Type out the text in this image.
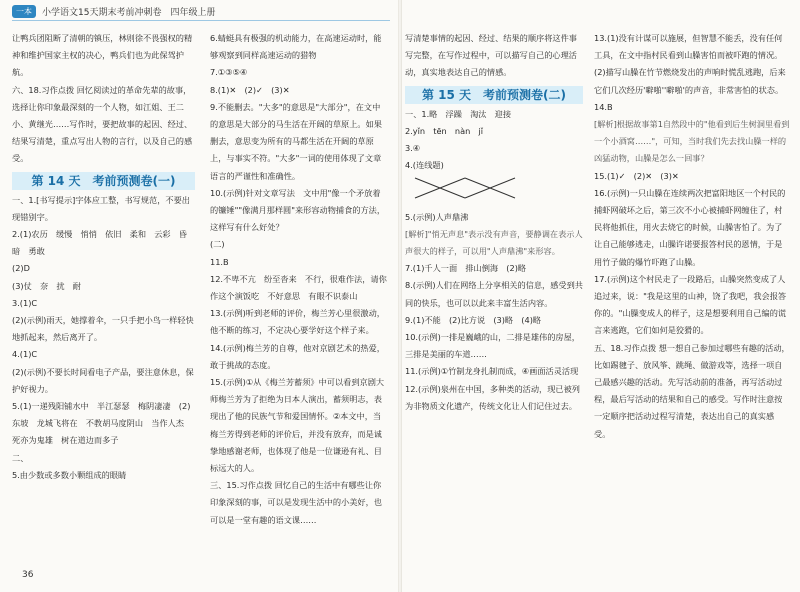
一本	小学语文15天期末考前冲刺卷　四年级上册

让鸭兵团阻断了清朝的镇压，林则徐不畏强权的精神和维护国家主权的决心，鸭兵们也为此保驾护航。

六、18.习作点拨 回忆阅读过的革命先辈的故事，选择让你印象最深刻的一个人物，如江姐、王二小、黄继光……写作时，要把故事的起因、经过、结果写清楚，重点写出人物的言行，以及自己的感受。

第 14 天　考前预测卷(一)

一、1.[书写提示]字体应工整，书写规范，不要出现错别字。

2.(1)农历　缓慢　悄悄　依旧　柔和　云彩　昏暗　勇敢

(2)D

(3)仗　奈　扰　耐

3.(1)C

(2)(示例)雨天，她撑着伞，一只手把小鸟一样轻快地抓起来，然后离开了。

4.(1)C

(2)(示例)不要长时间看电子产品，要注意休息，保护好视力。

5.(1)一递残阳铺水中　半江瑟瑟　梅阴凄凄　(2)东坡　龙城飞将在　不教胡马度阴山　当作人杰　死亦为鬼雄　树在道边而多子

二、

5.由少数或多数小颗组成的眼睛

6.蜻蜓具有极强的机动能力，在高速运动时，能够观察到同样高速运动的猎物

7.①③⑤④

8.(1)✕　(2)✓　(3)✕

9.不能删去。"大多"的意思是"大部分"，在文中的意思是大部分的马生活在开阔的草原上。如果删去，意思变为所有的马都生活在开阔的草原上，与事实不符。"大多"一词的使用体现了文章语言的严谨性和准确性。

10.(示例)针对文章写法　文中用"像一个矛放着的镰锤""像满月那样圆"来形容动物捕食的方法，这样写有什么好处？

(二)

11.B

12.不卑不亢　纷至沓来　不行，很难作法，请你作这个演饭吃　不好意思　有眼不识泰山

13.(示例)听到老师的评价，梅兰芳心里很激动，他不断的练习，不定决心要学好这个样子来。

14.(示例)梅兰芳的自尊，他对京剧艺术的热爱，敢于挑战的态度。

15.(示例)①从《梅兰芳蓄须》中可以看到京剧大师梅兰芳为了拒绝为日本人演出，蓄须明志，表现出了他的民族气节和爱国情怀。②本文中，当梅兰芳得到老师的评价后，并没有放弃，而是诚挚地感谢老师，也体现了他是一位谦逊有礼、目标远大的人。

三、15.习作点拨 回忆自己的生活中有哪些让你印象深刻的事，可以是发现生活中的小美好，也可以是一堂有趣的语文课……

写清楚事情的起因、经过、结果的顺序将这件事写完整，在写作过程中，可以描写自己的心理活动，真实地表达自己的情感。

第 15 天　考前预测卷(二)

一、1.略　浮躁　淘汰　迎接

2.yǐn　tēn　nàn　jǐ

3.④

4.(连线题)

5.(示例)人声鼎沸

[解析]"悄无声息"表示没有声音，要静调在表示人声很大的样子，可以用"人声鼎沸"来形容。

7.(1)千人一面　排山倒海　(2)略

8.(示例)人们在网络上分享相关的信息，感受到共同的快乐，也可以以此来丰富生活内容。

9.(1)不能　(2)比方说　(3)略　(4)略

10.(示例)一排是巍峨的山，二排是雄伟的房屋，三排是美丽的车道……

11.(示例)①竹制龙身扎制而成，④画面活灵活现

12.(示例)泉州在中国，多种类的活动，现已被列为非物质文化遗产，传统文化让人们记住过去。

13.(1)没有计谋可以施展，但智慧不能丢，没有任何工具，在文中指村民看到山臊害怕而被吓跑的情况。

(2)描写山臊在竹节燃烧发出的声响时慌乱逃跑，后来它们几次经历'噼啪''噼啪'的声音，非常害怕的状态。

14.B

[解析]根据故事第1自然段中的"他看到后生树洞里看到一个小酒窝……"，可知，当时我们先去找山臊一样的凶猛动物，山臊是怎么一回事？

15.(1)✓　(2)✕　(3)✕

16.(示例)一只山臊在连续两次把富阳地区一个村民的捕虾网破坏之后，第三次不小心被捕虾网缠住了，村民将他抓住，用火去烧它的时候，山臊害怕了。为了让自己能够逃走，山臊许诺要报答村民的恩情，于是用竹子做的爆竹吓跑了山臊。

17.(示例)这个村民走了一段路后，山臊突然变成了人追过来，说："我是这里的山神，饶了我吧，我会报答你的。"山臊变成人的样子，这是想要利用自己编的谎言来逃跑，它们如何是狡猾的。

五、18.习作点拨 想一想自己参加过哪些有趣的活动，比如踢毽子、放风筝、跳绳、做游戏等，选择一项自己最感兴趣的活动。先写活动前的准备，再写活动过程，最后写活动的结果和自己的感受。写作时注意按一定顺序把活动过程写清楚，表达出自己的真实感受。

36
